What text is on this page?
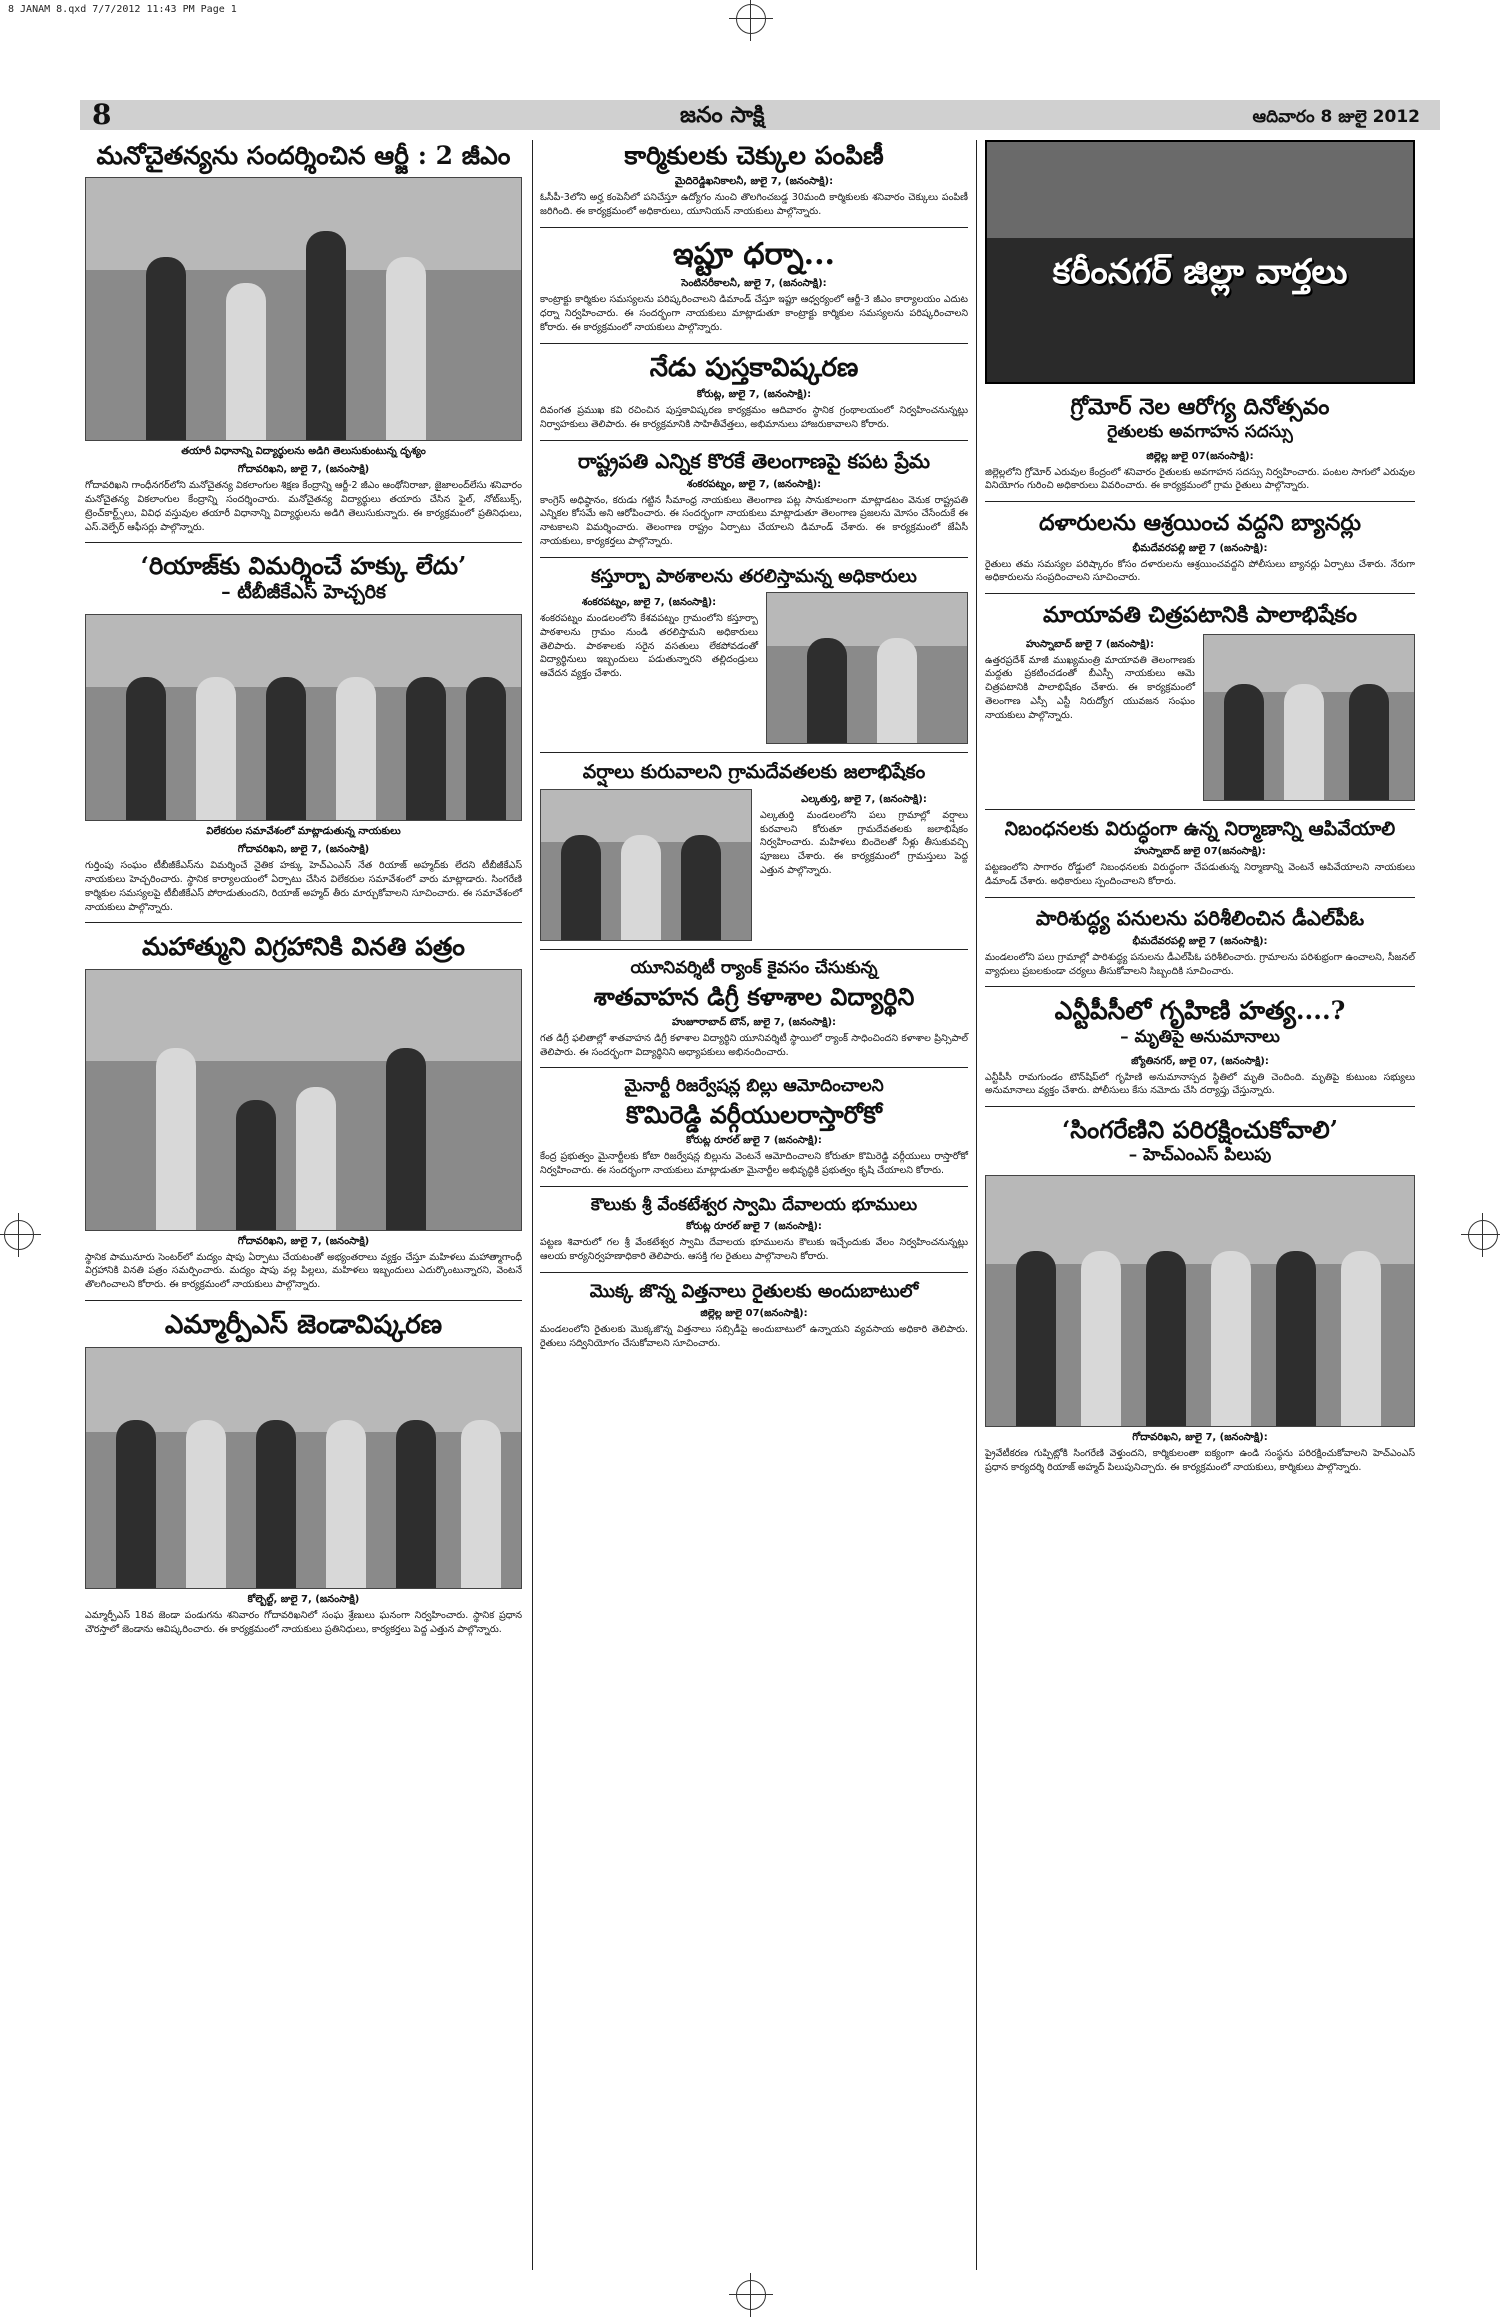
8 JANAM 8.qxd 7/7/2012 11:43 PM Page 1
8	జనం సాక్షి	ఆదివారం 8 జులై 2012
మనోచైతన్యను సందర్శించిన ఆర్జీ : 2 జీఎం

తయారీ విధానాన్ని విద్యార్థులను అడిగి తెలుసుకుంటున్న దృశ్యం

గోదావరిఖని, జులై 7, (జనంసాక్షి)

గోదావరిఖని గాంధీనగర్‌లోని మనోచైతన్య వికలాంగుల శిక్షణ కేంద్రాన్ని ఆర్జీ-2 జీఎం ఆంథోనిరాజా, జైజాలంద్‌లేసు శనివారం మనోచైతన్య వికలాంగుల కేంద్రాన్ని సందర్శించారు. మనోచైతన్య విద్యార్థులు తయారు చేసిన ఫైల్, నోట్‌బుక్స్, ట్రెంచ్‌కార్ట్స్‌లు, వివిధ వస్తువుల తయారీ విధానాన్ని విద్యార్థులను అడిగి తెలుసుకున్నారు. ఈ కార్యక్రమంలో ప్రతినిధులు, ఎస్.వెల్ఫేర్ ఆఫీసర్లు పాల్గొన్నారు.

‘రియాజ్‌కు విమర్శించే హక్కు లేదు’
– టీబీజీకేఎస్‌ హెచ్చరిక

విలేకరుల సమావేశంలో మాట్లాడుతున్న నాయకులు

గోదావరిఖని, జులై 7, (జనంసాక్షి)

గుర్తింపు సంఘం టీబీజీకేఎస్‌ను విమర్శించే నైతిక హక్కు హెచ్ఎంఎస్ నేత రియాజ్ అహ్మద్‌కు లేదని టీబీజీకేఎస్ నాయకులు హెచ్చరించారు. స్థానిక కార్యాలయంలో ఏర్పాటు చేసిన విలేకరుల సమావేశంలో వారు మాట్లాడారు. సింగరేణి కార్మికుల సమస్యలపై టీబీజీకేఎస్ పోరాడుతుందని, రియాజ్ అహ్మద్ తీరు మార్చుకోవాలని సూచించారు. ఈ సమావేశంలో నాయకులు పాల్గొన్నారు.

మహాత్ముని విగ్రహానికి వినతి పత్రం

గోదావరిఖని, జులై 7, (జనంసాక్షి)

స్థానిక పామునూరు సెంటర్‌లో మద్యం షాపు ఏర్పాటు చేయటంతో అభ్యంతరాలు వ్యక్తం చేస్తూ మహిళలు మహాత్మాగాంధీ విగ్రహానికి వినతి పత్రం సమర్పించారు. మద్యం షాపు వల్ల పిల్లలు, మహిళలు ఇబ్బందులు ఎదుర్కొంటున్నారని, వెంటనే తొలగించాలని కోరారు. ఈ కార్యక్రమంలో నాయకులు పాల్గొన్నారు.

ఎమ్మార్పీఎస్‌ జెండావిష్కరణ

కోల్బెల్ట్, జులై 7, (జనంసాక్షి)

ఎమ్మార్పీఎస్ 18వ జెండా పండుగను శనివారం గోదావరిఖనిలో సంఘ శ్రేణులు ఘనంగా నిర్వహించారు. స్థానిక ప్రధాన చౌరస్తాలో జెండాను ఆవిష్కరించారు. ఈ కార్యక్రమంలో నాయకులు ప్రతినిధులు, కార్యకర్తలు పెద్ద ఎత్తున పాల్గొన్నారు.

కార్మికులకు చెక్కుల పంపిణీ

మైదిరెడ్డిఖనికాలనీ, జులై 7, (జనంసాక్షి):

ఓసీపీ-3లోని అర్హ కంపెనీలో పనిచేస్తూ ఉద్యోగం నుంచి తొలగించబడ్డ 30మంది కార్మికులకు శనివారం చెక్కులు పంపిణీ జరిగింది. ఈ కార్యక్రమంలో అధికారులు, యూనియన్ నాయకులు పాల్గొన్నారు.

ఇప్టూ ధర్నా...

సెంటినరీకాలనీ, జులై 7, (జనంసాక్షి):

కాంట్రాక్టు కార్మికుల సమస్యలను పరిష్కరించాలని డిమాండ్ చేస్తూ ఇప్టూ ఆధ్వర్యంలో ఆర్జీ-3 జీఎం కార్యాలయం ఎదుట ధర్నా నిర్వహించారు. ఈ సందర్భంగా నాయకులు మాట్లాడుతూ కాంట్రాక్టు కార్మికుల సమస్యలను పరిష్కరించాలని కోరారు. ఈ కార్యక్రమంలో నాయకులు పాల్గొన్నారు.

నేడు పుస్తకావిష్కరణ

కోరుట్ల, జులై 7, (జనంసాక్షి):

దివంగత ప్రముఖ కవి రచించిన పుస్తకావిష్కరణ కార్యక్రమం ఆదివారం స్థానిక గ్రంథాలయంలో నిర్వహించనున్నట్లు నిర్వాహకులు తెలిపారు. ఈ కార్యక్రమానికి సాహితీవేత్తలు, అభిమానులు హాజరుకావాలని కోరారు.

రాష్ట్రపతి ఎన్నిక కొరకే తెలంగాణపై కపట ప్రేమ

శంకరపట్నం, జులై 7, (జనంసాక్షి):

కాంగ్రెస్ అధిష్ఠానం, కరుడు గట్టిన సీమాంధ్ర నాయకులు తెలంగాణ పట్ల సానుకూలంగా మాట్లాడటం వెనుక రాష్ట్రపతి ఎన్నికల కోసమే అని ఆరోపించారు. ఈ సందర్భంగా నాయకులు మాట్లాడుతూ తెలంగాణ ప్రజలను మోసం చేసేందుకే ఈ నాటకాలని విమర్శించారు. తెలంగాణ రాష్ట్రం ఏర్పాటు చేయాలని డిమాండ్ చేశారు. ఈ కార్యక్రమంలో జేఏసీ నాయకులు, కార్యకర్తలు పాల్గొన్నారు.

కస్తూర్బా పాఠశాలను తరలిస్తామన్న అధికారులు

శంకరపట్నం, జులై 7, (జనంసాక్షి):

శంకరపట్నం మండలంలోని కేశవపట్నం గ్రామంలోని కస్తూర్బా పాఠశాలను గ్రామం నుండి తరలిస్తామని అధికారులు తెలిపారు. పాఠశాలకు సరైన వసతులు లేకపోవడంతో విద్యార్థినులు ఇబ్బందులు పడుతున్నారని తల్లిదండ్రులు ఆవేదన వ్యక్తం చేశారు.

వర్షాలు కురువాలని గ్రామదేవతలకు జలాభిషేకం

ఎల్కతుర్తి, జులై 7, (జనంసాక్షి):

ఎల్కతుర్తి మండలంలోని పలు గ్రామాల్లో వర్షాలు కురవాలని కోరుతూ గ్రామదేవతలకు జలాభిషేకం నిర్వహించారు. మహిళలు బిందెలతో నీళ్లు తీసుకువచ్చి పూజలు చేశారు. ఈ కార్యక్రమంలో గ్రామస్తులు పెద్ద ఎత్తున పాల్గొన్నారు.

యూనివర్శిటీ ర్యాంక్ కైవసం చేసుకున్న
శాతవాహన డిగ్రీ కళాశాల విద్యార్థిని

హుజూరాబాద్ టౌన్, జులై 7, (జనంసాక్షి):

గత డిగ్రీ ఫలితాల్లో శాతవాహన డిగ్రీ కళాశాల విద్యార్థిని యూనివర్శిటీ స్థాయిలో ర్యాంక్ సాధించిందని కళాశాల ప్రిన్సిపాల్ తెలిపారు. ఈ సందర్భంగా విద్యార్థినిని అధ్యాపకులు అభినందించారు.

మైనార్టీ రిజర్వేషన్ల బిల్లు ఆమోదించాలని
కొమిరెడ్డి వర్గీయులరాస్తారోకో

కోరుట్ల రూరల్ జులై 7 (జనంసాక్షి):

కేంద్ర ప్రభుత్వం మైనార్టీలకు కోటా రిజర్వేషన్ల బిల్లును వెంటనే ఆమోదించాలని కోరుతూ కొమిరెడ్డి వర్గీయులు రాస్తారోకో నిర్వహించారు. ఈ సందర్భంగా నాయకులు మాట్లాడుతూ మైనార్టీల అభివృద్ధికి ప్రభుత్వం కృషి చేయాలని కోరారు.

కౌలుకు శ్రీ వేంకటేశ్వర స్వామి దేవాలయ భూములు

కోరుట్ల రూరల్ జులై 7 (జనంసాక్షి):

పట్టణ శివారులో గల శ్రీ వేంకటేశ్వర స్వామి దేవాలయ భూములను కౌలుకు ఇచ్చేందుకు వేలం నిర్వహించనున్నట్లు ఆలయ కార్యనిర్వహణాధికారి తెలిపారు. ఆసక్తి గల రైతులు పాల్గొనాలని కోరారు.

మొక్క జొన్న విత్తనాలు రైతులకు అందుబాటులో

జిల్లెల్ల జులై 07(జనంసాక్షి):

మండలంలోని రైతులకు మొక్కజొన్న విత్తనాలు సబ్సిడీపై అందుబాటులో ఉన్నాయని వ్యవసాయ అధికారి తెలిపారు. రైతులు సద్వినియోగం చేసుకోవాలని సూచించారు.

కరీంనగర్‌ జిల్లా వార్తలు
గ్రోమోర్‌ నెల ఆరోగ్య దినోత్సవం
రైతులకు అవగాహన సదస్సు

జిల్లెల్ల జులై 07(జనంసాక్షి):

జిల్లెల్లలోని గ్రోమోర్ ఎరువుల కేంద్రంలో శనివారం రైతులకు అవగాహన సదస్సు నిర్వహించారు. పంటల సాగులో ఎరువుల వినియోగం గురించి అధికారులు వివరించారు. ఈ కార్యక్రమంలో గ్రామ రైతులు పాల్గొన్నారు.

దళారులను ఆశ్రయించ వద్దని బ్యానర్లు

భీమదేవరపల్లి జులై 7 (జనంసాక్షి):

రైతులు తమ సమస్యల పరిష్కారం కోసం దళారులను ఆశ్రయించవద్దని పోలీసులు బ్యానర్లు ఏర్పాటు చేశారు. నేరుగా అధికారులను సంప్రదించాలని సూచించారు.

మాయావతి చిత్రపటానికి పాలాభిషేకం

హుస్నాబాద్ జులై 7 (జనంసాక్షి):

ఉత్తరప్రదేశ్ మాజీ ముఖ్యమంత్రి మాయావతి తెలంగాణకు మద్దతు ప్రకటించడంతో బీఎస్పీ నాయకులు ఆమె చిత్రపటానికి పాలాభిషేకం చేశారు. ఈ కార్యక్రమంలో తెలంగాణ ఎస్సీ ఎస్టీ నిరుద్యోగ యువజన సంఘం నాయకులు పాల్గొన్నారు.

నిబంధనలకు విరుద్ధంగా ఉన్న నిర్మాణాన్ని ఆపివేయాలి

హుస్నాబాద్ జులై 07(జనంసాక్షి):

పట్టణంలోని సాగారం రోడ్డులో నిబంధనలకు విరుద్ధంగా చేపడుతున్న నిర్మాణాన్ని వెంటనే ఆపివేయాలని నాయకులు డిమాండ్ చేశారు. అధికారులు స్పందించాలని కోరారు.

పారిశుద్ధ్య పనులను పరిశీలించిన డీఎల్‌పీఓ

భీమదేవరపల్లి జులై 7 (జనంసాక్షి):

మండలంలోని పలు గ్రామాల్లో పారిశుద్ధ్య పనులను డీఎల్‌పీఓ పరిశీలించారు. గ్రామాలను పరిశుభ్రంగా ఉంచాలని, సీజనల్ వ్యాధులు ప్రబలకుండా చర్యలు తీసుకోవాలని సిబ్బందికి సూచించారు.

ఎన్టీపీసీలో గృహిణి హత్య....?
– మృతిపై అనుమానాలు

జ్యోతినగర్, జులై 07, (జనంసాక్షి):

ఎన్టీపీసీ రామగుండం టౌన్‌షిప్‌లో గృహిణి అనుమానాస్పద స్థితిలో మృతి చెందింది. మృతిపై కుటుంబ సభ్యులు అనుమానాలు వ్యక్తం చేశారు. పోలీసులు కేసు నమోదు చేసి దర్యాప్తు చేస్తున్నారు.

‘సింగరేణిని పరిరక్షించుకోవాలి’
– హెచ్‌ఎంఎస్‌ పిలుపు

గోదావరిఖని, జులై 7, (జనంసాక్షి):

ప్రైవేటీకరణ గుప్పిట్లోకి సింగరేణి వెళ్తుందని, కార్మికులంతా ఐక్యంగా ఉండి సంస్థను పరిరక్షించుకోవాలని హెచ్ఎంఎస్ ప్రధాన కార్యదర్శి రియాజ్ అహ్మద్ పిలుపునిచ్చారు. ఈ కార్యక్రమంలో నాయకులు, కార్మికులు పాల్గొన్నారు.
